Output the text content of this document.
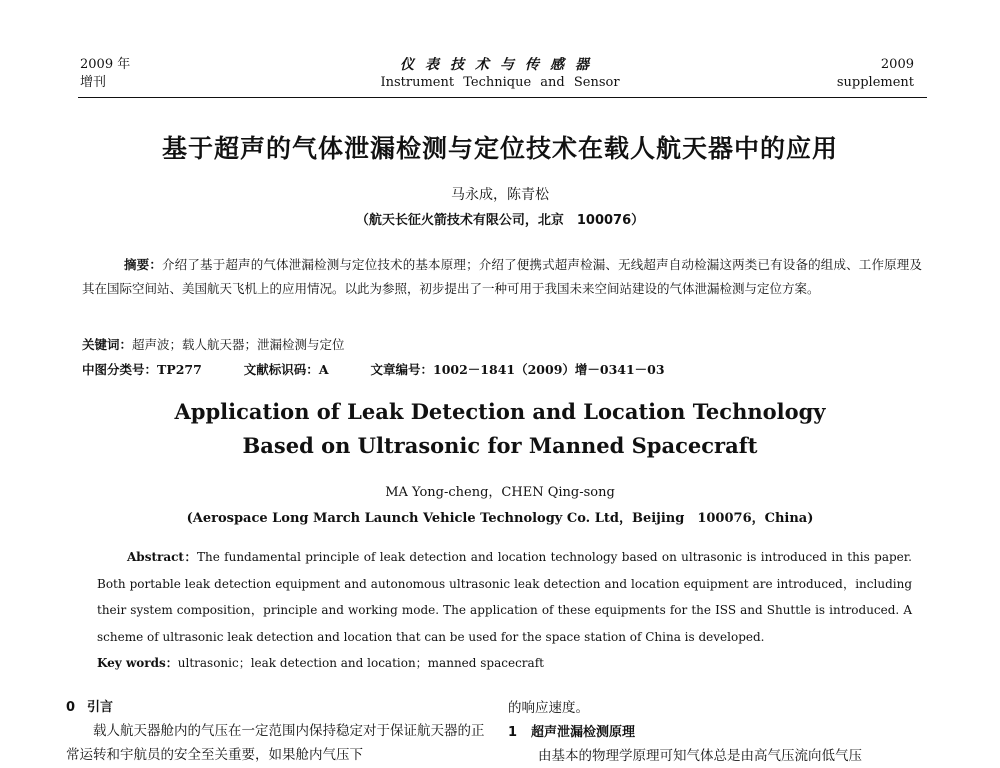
2009 年
增刊
仪表技术与传感器
Instrument Technique and Sensor
2009
supplement
基于超声的气体泄漏检测与定位技术在载人航天器中的应用
马永成，陈青松
（航天长征火箭技术有限公司，北京　100076）
摘要：介绍了基于超声的气体泄漏检测与定位技术的基本原理；介绍了便携式超声检漏、无线超声自动检漏这两类已有设备的组成、工作原理及其在国际空间站、美国航天飞机上的应用情况。以此为参照，初步提出了一种可用于我国未来空间站建设的气体泄漏检测与定位方案。
关键词：超声波；载人航天器；泄漏检测与定位
中图分类号：TP277	文献标识码：A	文章编号：1002－1841（2009）增－0341－03
Application of Leak Detection and Location Technology
Based on Ultrasonic for Manned Spacecraft
MA Yong-cheng，CHEN Qing-song
(Aerospace Long March Launch Vehicle Technology Co. Ltd，Beijing　100076，China)
Abstract：The fundamental principle of leak detection and location technology based on ultrasonic is introduced in this paper. Both portable leak detection equipment and autonomous ultrasonic leak detection and location equipment are introduced，including their system composition，principle and working mode. The application of these equipments for the ISS and Shuttle is introduced. A scheme of ultrasonic leak detection and location that can be used for the space station of China is developed.
Key words：ultrasonic；leak detection and location；manned spacecraft
0 引言
载人航天器舱内的气压在一定范围内保持稳定对于保证航天器的正常运转和宇航员的安全至关重要，如果舱内气压下
的响应速度。
1 超声泄漏检测原理
由基本的物理学原理可知气体总是由高气压流向低气压
